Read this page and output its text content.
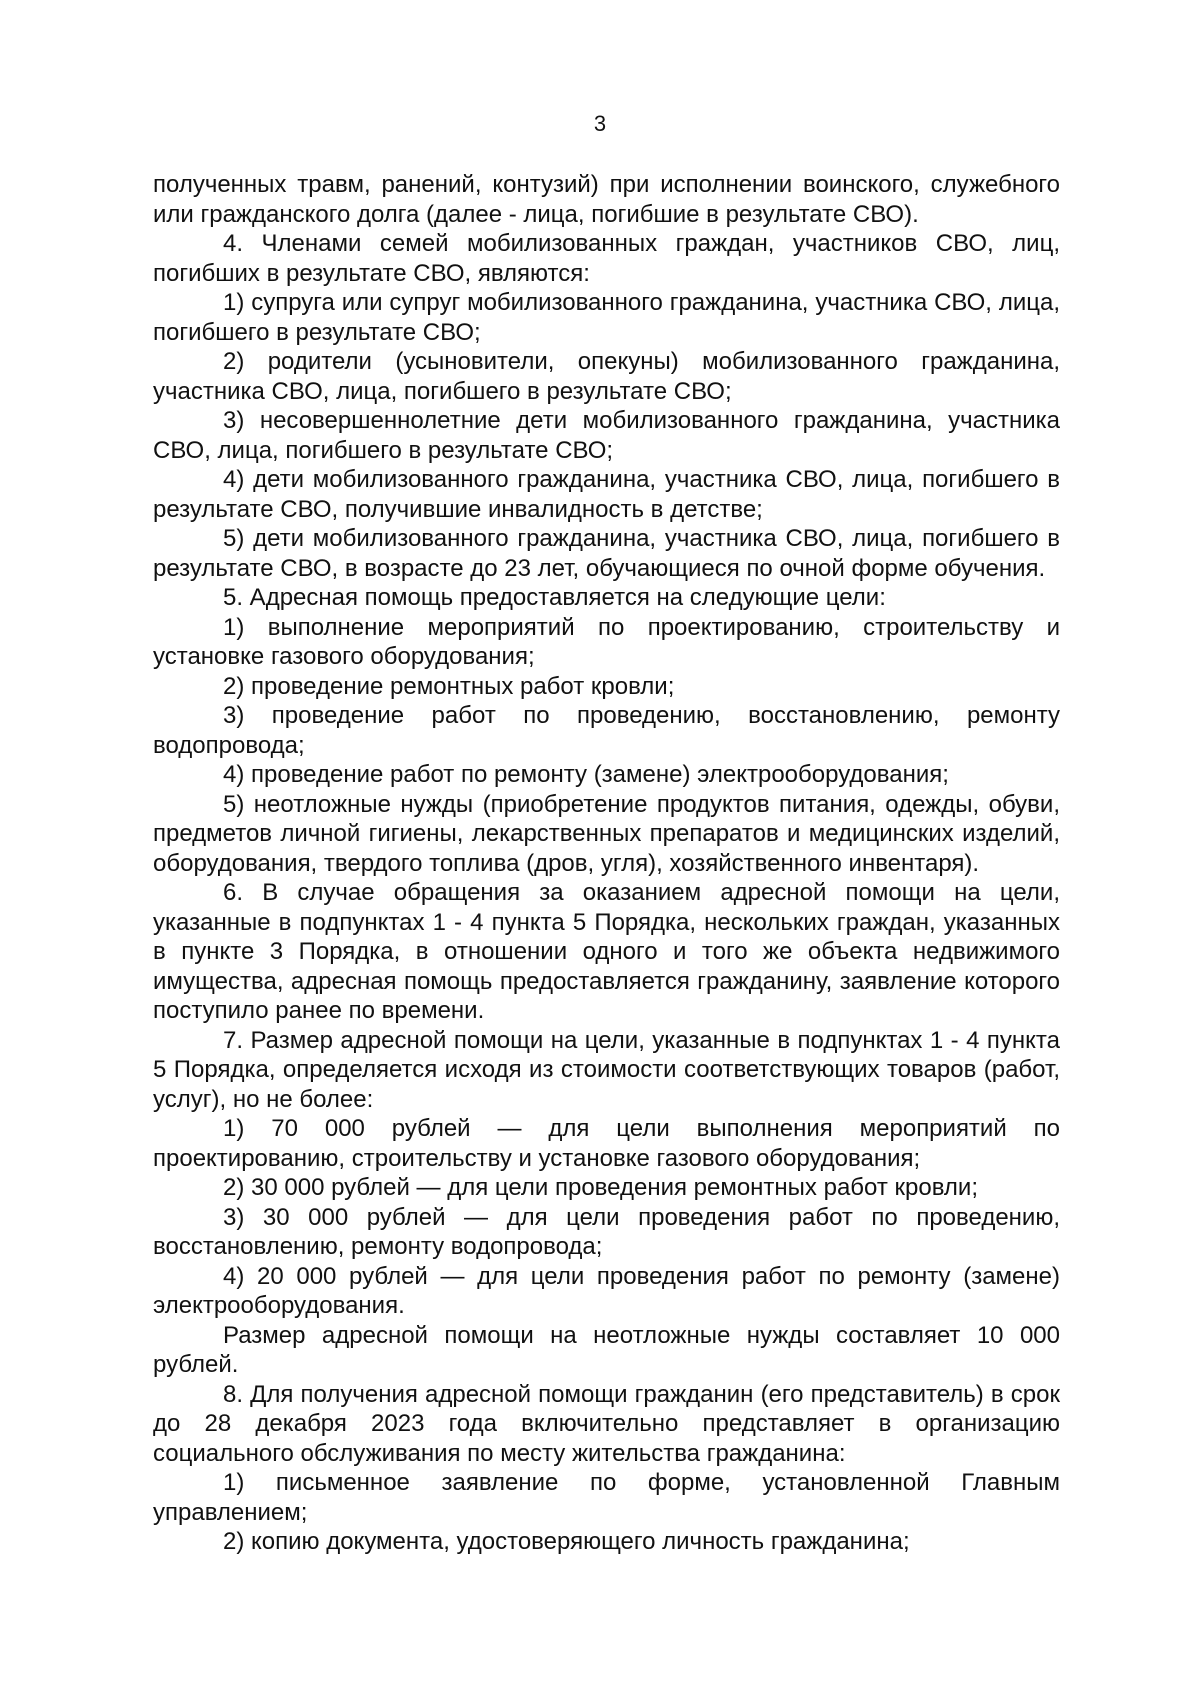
3

полученных травм, ранений, контузий) при исполнении воинского, служебного или гражданского долга (далее - лица, погибшие в результате СВО).

4. Членами семей мобилизованных граждан, участников СВО, лиц, погибших в результате СВО, являются:

1) супруга или супруг мобилизованного гражданина, участника СВО, лица, погибшего в результате СВО;

2) родители (усыновители, опекуны) мобилизованного гражданина, участника СВО, лица, погибшего в результате СВО;

3) несовершеннолетние дети мобилизованного гражданина, участника СВО, лица, погибшего в результате СВО;

4) дети мобилизованного гражданина, участника СВО, лица, погибшего в результате СВО, получившие инвалидность в детстве;

5) дети мобилизованного гражданина, участника СВО, лица, погибшего в результате СВО, в возрасте до 23 лет, обучающиеся по очной форме обучения.

5. Адресная помощь предоставляется на следующие цели:

1) выполнение мероприятий по проектированию, строительству и установке газового оборудования;

2) проведение ремонтных работ кровли;

3) проведение работ по проведению, восстановлению, ремонту водопровода;

4) проведение работ по ремонту (замене) электрооборудования;

5) неотложные нужды (приобретение продуктов питания, одежды, обуви, предметов личной гигиены, лекарственных препаратов и медицинских изделий, оборудования, твердого топлива (дров, угля), хозяйственного инвентаря).

6. В случае обращения за оказанием адресной помощи на цели, указанные в подпунктах 1 - 4 пункта 5 Порядка, нескольких граждан, указанных в пункте 3 Порядка, в отношении одного и того же объекта недвижимого имущества, адресная помощь предоставляется гражданину, заявление которого поступило ранее по времени.

7. Размер адресной помощи на цели, указанные в подпунктах 1 - 4 пункта 5 Порядка, определяется исходя из стоимости соответствующих товаров (работ, услуг), но не более:

1) 70 000 рублей — для цели выполнения мероприятий по проектированию, строительству и установке газового оборудования;

2) 30 000 рублей — для цели проведения ремонтных работ кровли;

3) 30 000 рублей — для цели проведения работ по проведению, восстановлению, ремонту водопровода;

4) 20 000 рублей — для цели проведения работ по ремонту (замене) электрооборудования.

Размер адресной помощи на неотложные нужды составляет 10 000 рублей.

8. Для получения адресной помощи гражданин (его представитель) в срок до 28 декабря 2023 года включительно представляет в организацию социального обслуживания по месту жительства гражданина:

1) письменное заявление по форме, установленной Главным управлением;

2) копию документа, удостоверяющего личность гражданина;
